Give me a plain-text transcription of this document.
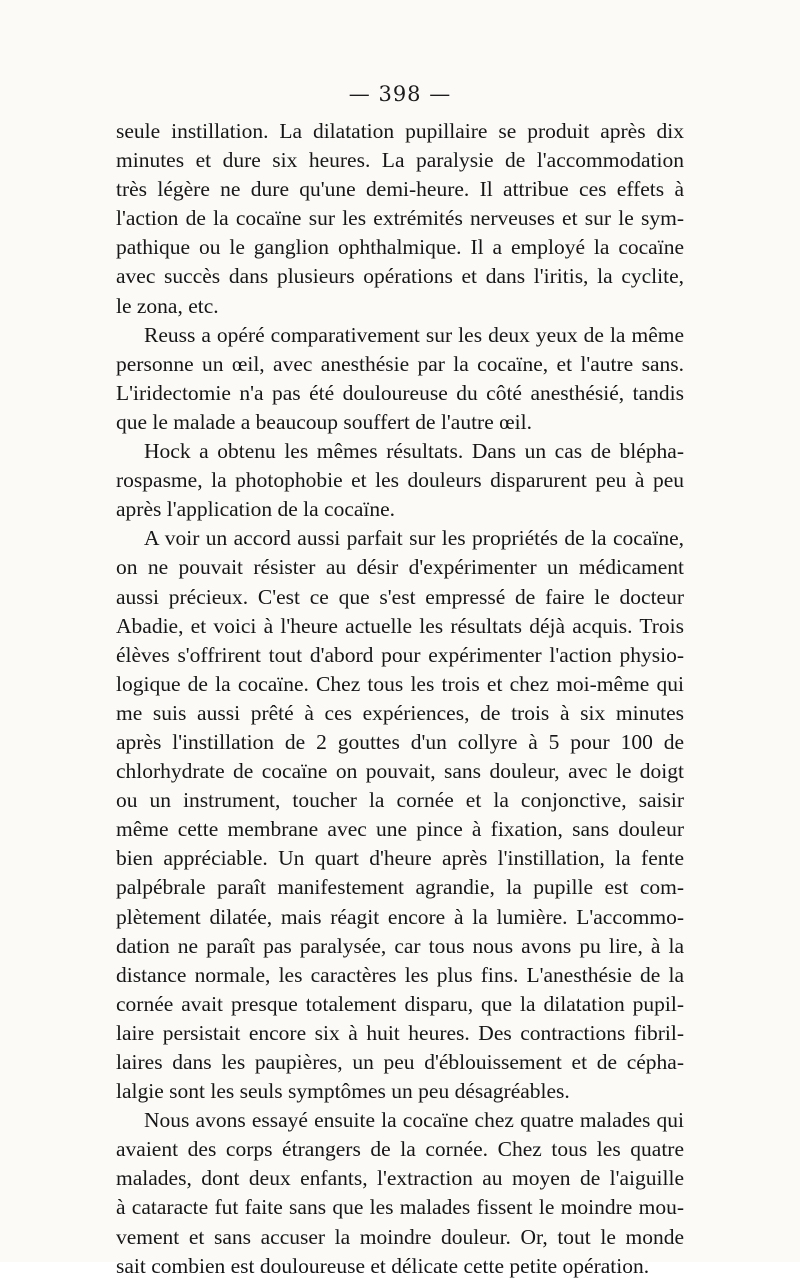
— 398 —
seule instillation. La dilatation pupillaire se produit après dix
minutes et dure six heures. La paralysie de l'accommodation
très légère ne dure qu'une demi-heure. Il attribue ces effets à
l'action de la cocaïne sur les extrémités nerveuses et sur le sym-
pathique ou le ganglion ophthalmique. Il a employé la cocaïne
avec succès dans plusieurs opérations et dans l'iritis, la cyclite,
le zona, etc.
Reuss a opéré comparativement sur les deux yeux de la même
personne un œil, avec anesthésie par la cocaïne, et l'autre sans.
L'iridectomie n'a pas été douloureuse du côté anesthésié, tandis
que le malade a beaucoup souffert de l'autre œil.
Hock a obtenu les mêmes résultats. Dans un cas de blépha-
rospasme, la photophobie et les douleurs disparurent peu à peu
après l'application de la cocaïne.
A voir un accord aussi parfait sur les propriétés de la cocaïne,
on ne pouvait résister au désir d'expérimenter un médicament
aussi précieux. C'est ce que s'est empressé de faire le docteur
Abadie, et voici à l'heure actuelle les résultats déjà acquis. Trois
élèves s'offrirent tout d'abord pour expérimenter l'action physio-
logique de la cocaïne. Chez tous les trois et chez moi-même qui
me suis aussi prêté à ces expériences, de trois à six minutes
après l'instillation de 2 gouttes d'un collyre à 5 pour 100 de
chlorhydrate de cocaïne on pouvait, sans douleur, avec le doigt
ou un instrument, toucher la cornée et la conjonctive, saisir
même cette membrane avec une pince à fixation, sans douleur
bien appréciable. Un quart d'heure après l'instillation, la fente
palpébrale paraît manifestement agrandie, la pupille est com-
plètement dilatée, mais réagit encore à la lumière. L'accommo-
dation ne paraît pas paralysée, car tous nous avons pu lire, à la
distance normale, les caractères les plus fins. L'anesthésie de la
cornée avait presque totalement disparu, que la dilatation pupil-
laire persistait encore six à huit heures. Des contractions fibril-
laires dans les paupières, un peu d'éblouissement et de cépha-
lalgie sont les seuls symptômes un peu désagréables.
Nous avons essayé ensuite la cocaïne chez quatre malades qui
avaient des corps étrangers de la cornée. Chez tous les quatre
malades, dont deux enfants, l'extraction au moyen de l'aiguille
à cataracte fut faite sans que les malades fissent le moindre mou-
vement et sans accuser la moindre douleur. Or, tout le monde
sait combien est douloureuse et délicate cette petite opération.
